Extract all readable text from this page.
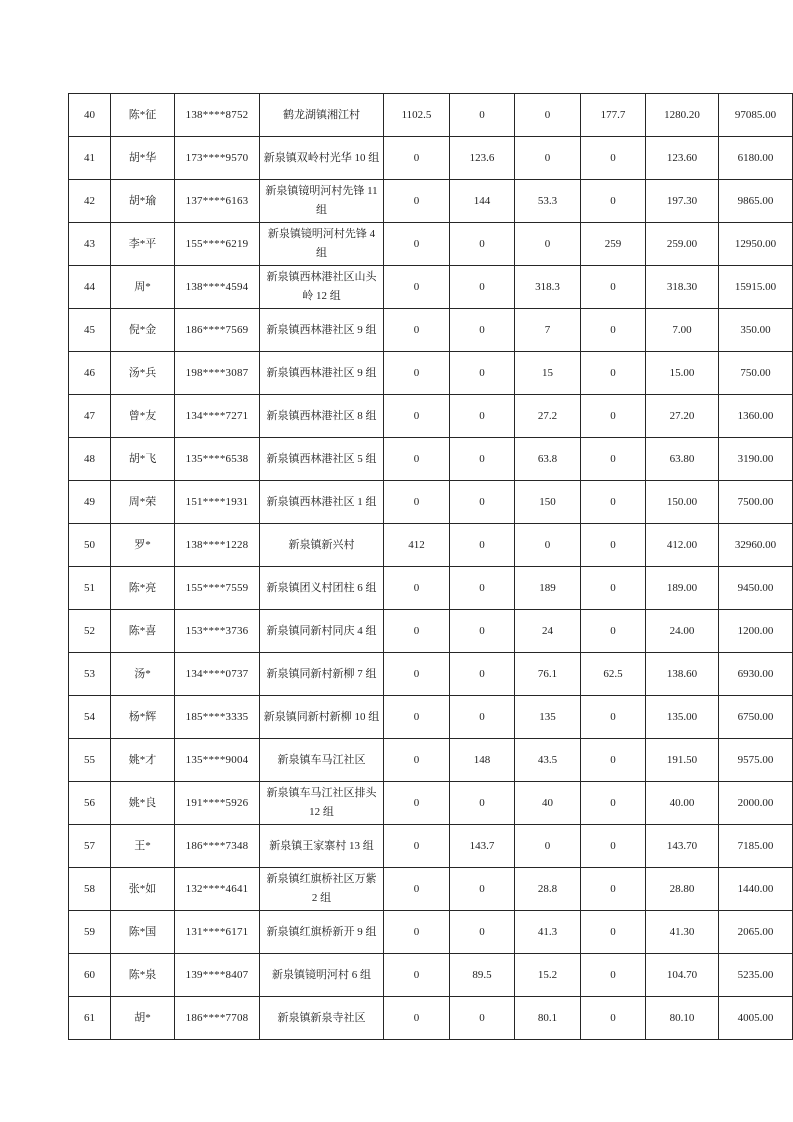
40	陈*征	138****8752	鹤龙湖镇湘江村	1102.5	0	0	177.7	1280.20	97085.00
41	胡*华	173****9570	新泉镇双岭村光华 10 组	0	123.6	0	0	123.60	6180.00
42	胡*瑜	137****6163	新泉镇镜明河村先锋 11 组	0	144	53.3	0	197.30	9865.00
43	李*平	155****6219	新泉镇镜明河村先锋 4 组	0	0	0	259	259.00	12950.00
44	周*	138****4594	新泉镇西林港社区山头岭 12 组	0	0	318.3	0	318.30	15915.00
45	倪*金	186****7569	新泉镇西林港社区 9 组	0	0	7	0	7.00	350.00
46	汤*兵	198****3087	新泉镇西林港社区 9 组	0	0	15	0	15.00	750.00
47	曾*友	134****7271	新泉镇西林港社区 8 组	0	0	27.2	0	27.20	1360.00
48	胡*飞	135****6538	新泉镇西林港社区 5 组	0	0	63.8	0	63.80	3190.00
49	周*荣	151****1931	新泉镇西林港社区 1 组	0	0	150	0	150.00	7500.00
50	罗*	138****1228	新泉镇新兴村	412	0	0	0	412.00	32960.00
51	陈*亮	155****7559	新泉镇团义村团柱 6 组	0	0	189	0	189.00	9450.00
52	陈*喜	153****3736	新泉镇同新村同庆 4 组	0	0	24	0	24.00	1200.00
53	汤*	134****0737	新泉镇同新村新柳 7 组	0	0	76.1	62.5	138.60	6930.00
54	杨*辉	185****3335	新泉镇同新村新柳 10 组	0	0	135	0	135.00	6750.00
55	姚*才	135****9004	新泉镇车马江社区	0	148	43.5	0	191.50	9575.00
56	姚*良	191****5926	新泉镇车马江社区排头 12 组	0	0	40	0	40.00	2000.00
57	王*	186****7348	新泉镇王家寨村 13 组	0	143.7	0	0	143.70	7185.00
58	张*如	132****4641	新泉镇红旗桥社区万紫 2 组	0	0	28.8	0	28.80	1440.00
59	陈*国	131****6171	新泉镇红旗桥新开 9 组	0	0	41.3	0	41.30	2065.00
60	陈*泉	139****8407	新泉镇镜明河村 6 组	0	89.5	15.2	0	104.70	5235.00
61	胡*	186****7708	新泉镇新泉寺社区	0	0	80.1	0	80.10	4005.00
